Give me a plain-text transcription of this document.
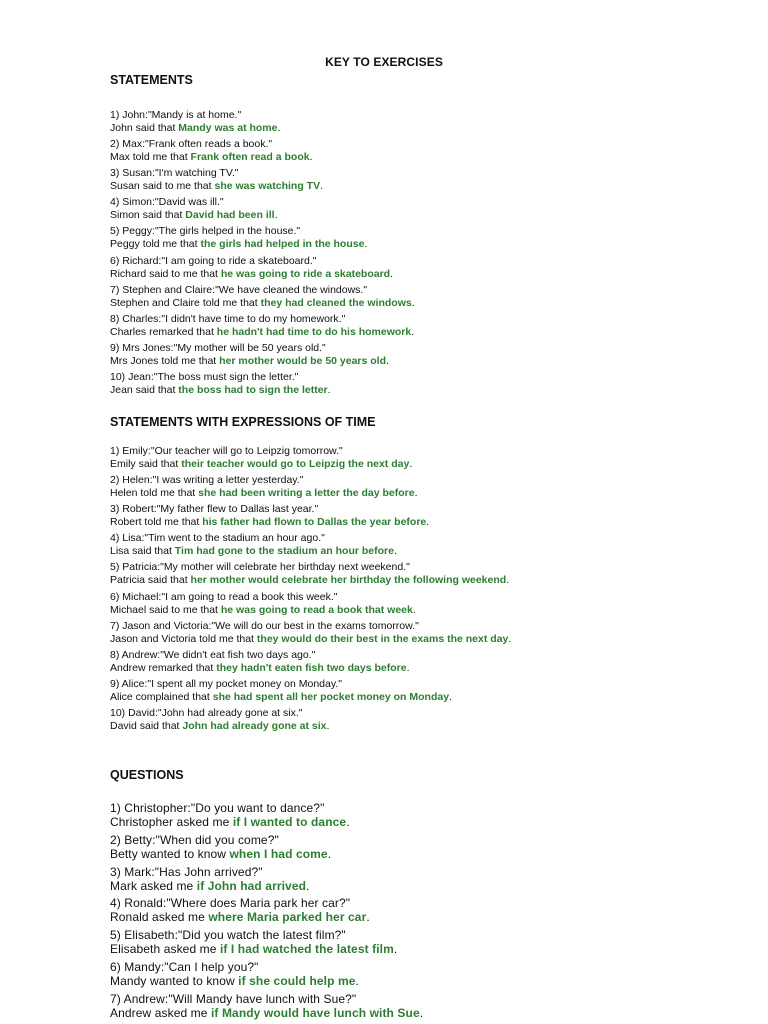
KEY TO EXERCISES
STATEMENTS
1) John:"Mandy is at home."
John said that Mandy was at home.
2) Max:"Frank often reads a book."
Max told me that Frank often read a book.
3) Susan:"I'm watching TV."
Susan said to me that she was watching TV.
4) Simon:"David was ill."
Simon said that David had been ill.
5) Peggy:"The girls helped in the house."
Peggy told me that the girls had helped in the house.
6) Richard:"I am going to ride a skateboard."
Richard said to me that he was going to ride a skateboard.
7) Stephen and Claire:"We have cleaned the windows."
Stephen and Claire told me that they had cleaned the windows.
8) Charles:"I didn't have time to do my homework."
Charles remarked that he hadn't had time to do his homework.
9) Mrs Jones:"My mother will be 50 years old."
Mrs Jones told me that her mother would be 50 years old.
10) Jean:"The boss must sign the letter."
Jean said that the boss had to sign the letter.
STATEMENTS WITH EXPRESSIONS OF TIME
1) Emily:"Our teacher will go to Leipzig tomorrow."
Emily said that their teacher would go to Leipzig the next day.
2) Helen:"I was writing a letter yesterday."
Helen told me that she had been writing a letter the day before.
3) Robert:"My father flew to Dallas last year."
Robert told me that his father had flown to Dallas the year before.
4) Lisa:"Tim went to the stadium an hour ago."
Lisa said that Tim had gone to the stadium an hour before.
5) Patricia:"My mother will celebrate her birthday next weekend."
Patricia said that her mother would celebrate her birthday the following weekend.
6) Michael:"I am going to read a book this week."
Michael said to me that he was going to read a book that week.
7) Jason and Victoria:"We will do our best in the exams tomorrow."
Jason and Victoria told me that they would do their best in the exams the next day.
8) Andrew:"We didn't eat fish two days ago."
Andrew remarked that they hadn't eaten fish two days before.
9) Alice:"I spent all my pocket money on Monday."
Alice complained that she had spent all her pocket money on Monday.
10) David:"John had already gone at six."
David said that John had already gone at six.
QUESTIONS
1) Christopher:"Do you want to dance?"
Christopher asked me if I wanted to dance.
2) Betty:"When did you come?"
Betty wanted to know when I had come.
3) Mark:"Has John arrived?"
Mark asked me if John had arrived.
4) Ronald:"Where does Maria park her car?"
Ronald asked me where Maria parked her car.
5) Elisabeth:"Did you watch the latest film?"
Elisabeth asked me if I had watched the latest film.
6) Mandy:"Can I help you?"
Mandy wanted to know if she could help me.
7) Andrew:"Will Mandy have lunch with Sue?"
Andrew asked me if Mandy would have lunch with Sue.
